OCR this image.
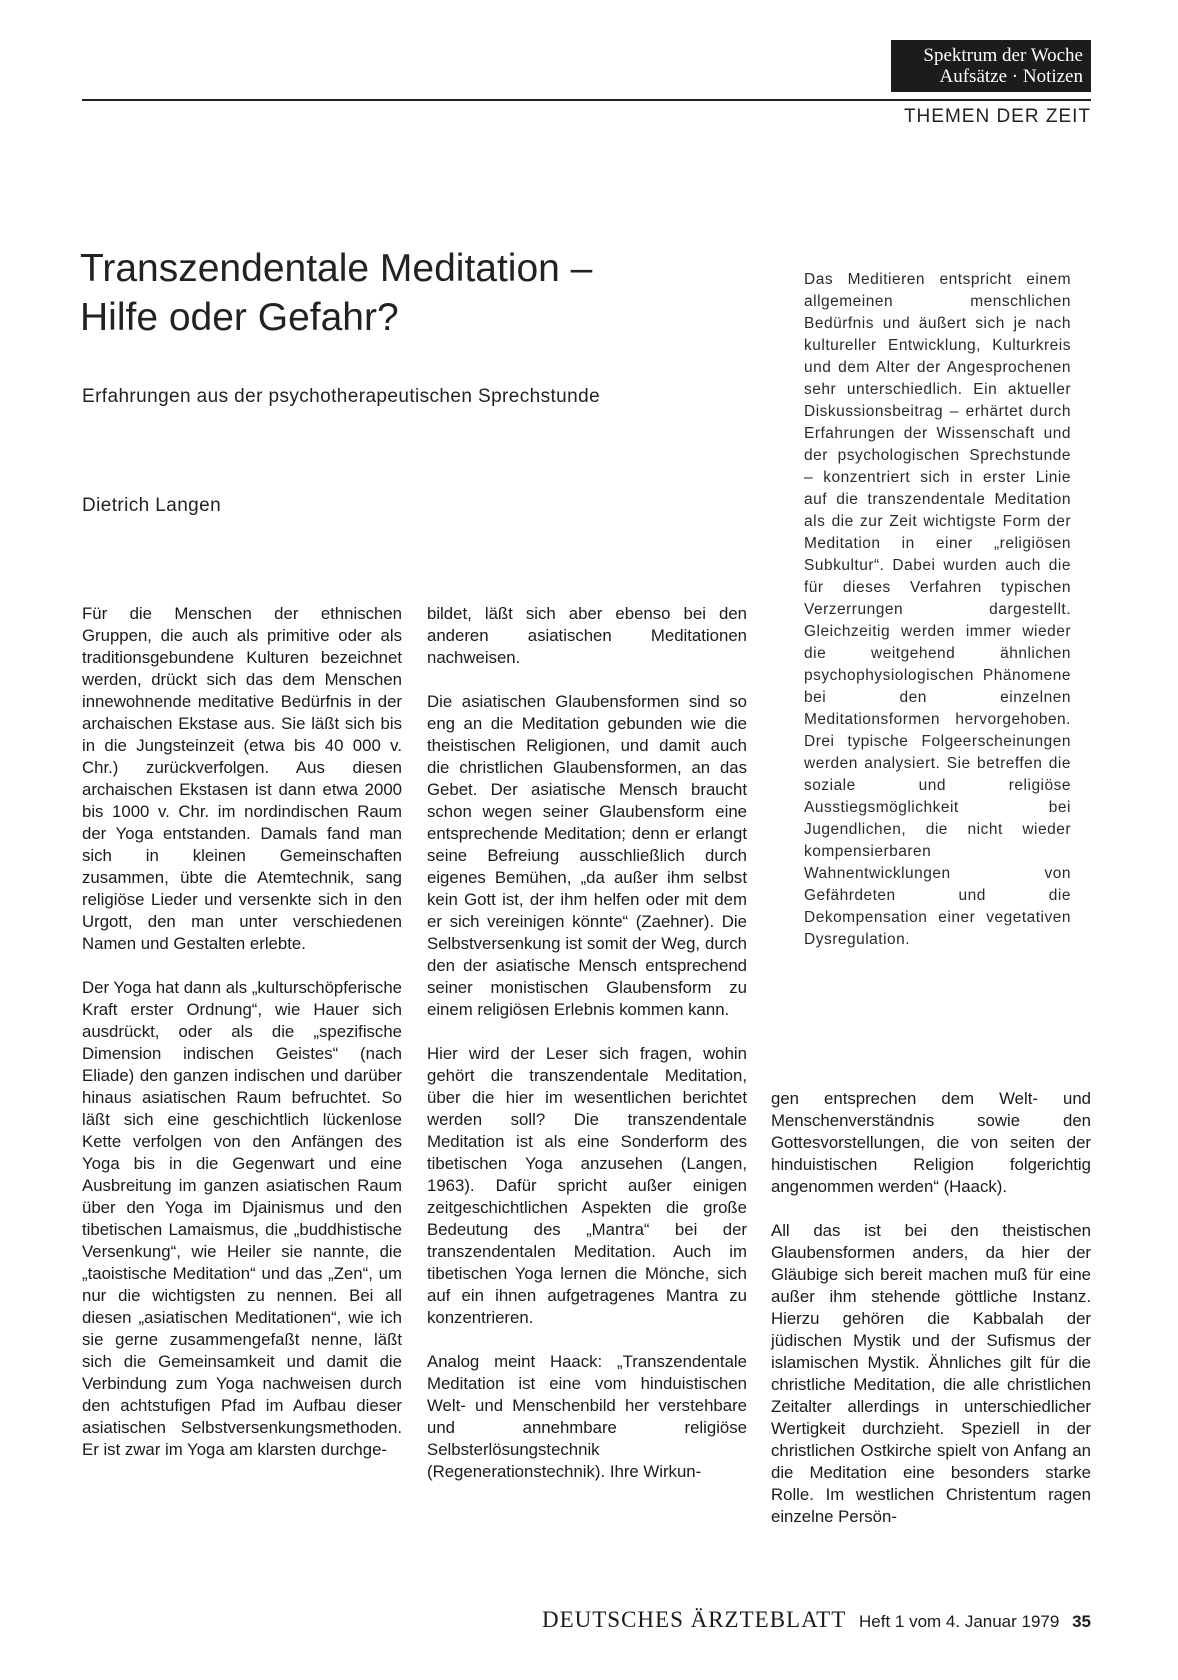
Spektrum der Woche
Aufsätze · Notizen
THEMEN DER ZEIT
Transzendentale Meditation –
Hilfe oder Gefahr?
Erfahrungen aus der psychotherapeutischen Sprechstunde
Dietrich Langen
Das Meditieren entspricht einem allgemeinen menschlichen Bedürfnis und äußert sich je nach kultureller Entwicklung, Kulturkreis und dem Alter der Angesprochenen sehr unterschiedlich. Ein aktueller Diskussionsbeitrag – erhärtet durch Erfahrungen der Wissenschaft und der psychologischen Sprechstunde – konzentriert sich in erster Linie auf die transzendentale Meditation als die zur Zeit wichtigste Form der Meditation in einer „religiösen Subkultur“. Dabei wurden auch die für dieses Verfahren typischen Verzerrungen dargestellt. Gleichzeitig werden immer wieder die weitgehend ähnlichen psychophysiologischen Phänomene bei den einzelnen Meditationsformen hervorgehoben. Drei typische Folgeerscheinungen werden analysiert. Sie betreffen die soziale und religiöse Ausstiegsmöglichkeit bei Jugendlichen, die nicht wieder kompensierbaren Wahnentwicklungen von Gefährdeten und die Dekompensation einer vegetativen Dysregulation.

Für die Menschen der ethnischen Gruppen, die auch als primitive oder als traditionsgebundene Kulturen bezeichnet werden, drückt sich das dem Menschen innewohnende meditative Bedürfnis in der archaischen Ekstase aus. Sie läßt sich bis in die Jungsteinzeit (etwa bis 40 000 v. Chr.) zurückverfolgen. Aus diesen archaischen Ekstasen ist dann etwa 2000 bis 1000 v. Chr. im nordindischen Raum der Yoga entstanden. Damals fand man sich in kleinen Gemeinschaften zusammen, übte die Atemtechnik, sang religiöse Lieder und versenkte sich in den Urgott, den man unter verschiedenen Namen und Gestalten erlebte.

Der Yoga hat dann als „kulturschöpferische Kraft erster Ordnung“, wie Hauer sich ausdrückt, oder als die „spezifische Dimension indischen Geistes“ (nach Eliade) den ganzen indischen und darüber hinaus asiatischen Raum befruchtet. So läßt sich eine geschichtlich lückenlose Kette verfolgen von den Anfängen des Yoga bis in die Gegenwart und eine Ausbreitung im ganzen asiatischen Raum über den Yoga im Djainismus und den tibetischen Lamaismus, die „buddhistische Versenkung“, wie Heiler sie nannte, die „taoistische Meditation“ und das „Zen“, um nur die wichtigsten zu nennen. Bei all diesen „asiatischen Meditationen“, wie ich sie gerne zusammengefaßt nenne, läßt sich die Gemeinsamkeit und damit die Verbindung zum Yoga nachweisen durch den achtstufigen Pfad im Aufbau dieser asiatischen Selbstversenkungsmethoden. Er ist zwar im Yoga am klarsten durchge-

bildet, läßt sich aber ebenso bei den anderen asiatischen Meditationen nachweisen.

Die asiatischen Glaubensformen sind so eng an die Meditation gebunden wie die theistischen Religionen, und damit auch die christlichen Glaubensformen, an das Gebet. Der asiatische Mensch braucht schon wegen seiner Glaubensform eine entsprechende Meditation; denn er erlangt seine Befreiung ausschließlich durch eigenes Bemühen, „da außer ihm selbst kein Gott ist, der ihm helfen oder mit dem er sich vereinigen könnte“ (Zaehner). Die Selbstversenkung ist somit der Weg, durch den der asiatische Mensch entsprechend seiner monistischen Glaubensform zu einem religiösen Erlebnis kommen kann.

Hier wird der Leser sich fragen, wohin gehört die transzendentale Meditation, über die hier im wesentlichen berichtet werden soll? Die transzendentale Meditation ist als eine Sonderform des tibetischen Yoga anzusehen (Langen, 1963). Dafür spricht außer einigen zeitgeschichtlichen Aspekten die große Bedeutung des „Mantra“ bei der transzendentalen Meditation. Auch im tibetischen Yoga lernen die Mönche, sich auf ein ihnen aufgetragenes Mantra zu konzentrieren.

Analog meint Haack: „Transzendentale Meditation ist eine vom hinduistischen Welt- und Menschenbild her verstehbare und annehmbare religiöse Selbsterlösungstechnik (Regenerationstechnik). Ihre Wirkun-

gen entsprechen dem Welt- und Menschenverständnis sowie den Gottesvorstellungen, die von seiten der hinduistischen Religion folgerichtig angenommen werden“ (Haack).

All das ist bei den theistischen Glaubensformen anders, da hier der Gläubige sich bereit machen muß für eine außer ihm stehende göttliche Instanz. Hierzu gehören die Kabbalah der jüdischen Mystik und der Sufismus der islamischen Mystik. Ähnliches gilt für die christliche Meditation, die alle christlichen Zeitalter allerdings in unterschiedlicher Wertigkeit durchzieht. Speziell in der christlichen Ostkirche spielt von Anfang an die Meditation eine besonders starke Rolle. Im westlichen Christentum ragen einzelne Persön-

DEUTSCHES ÄRZTEBLATT Heft 1 vom 4. Januar 1979 35
